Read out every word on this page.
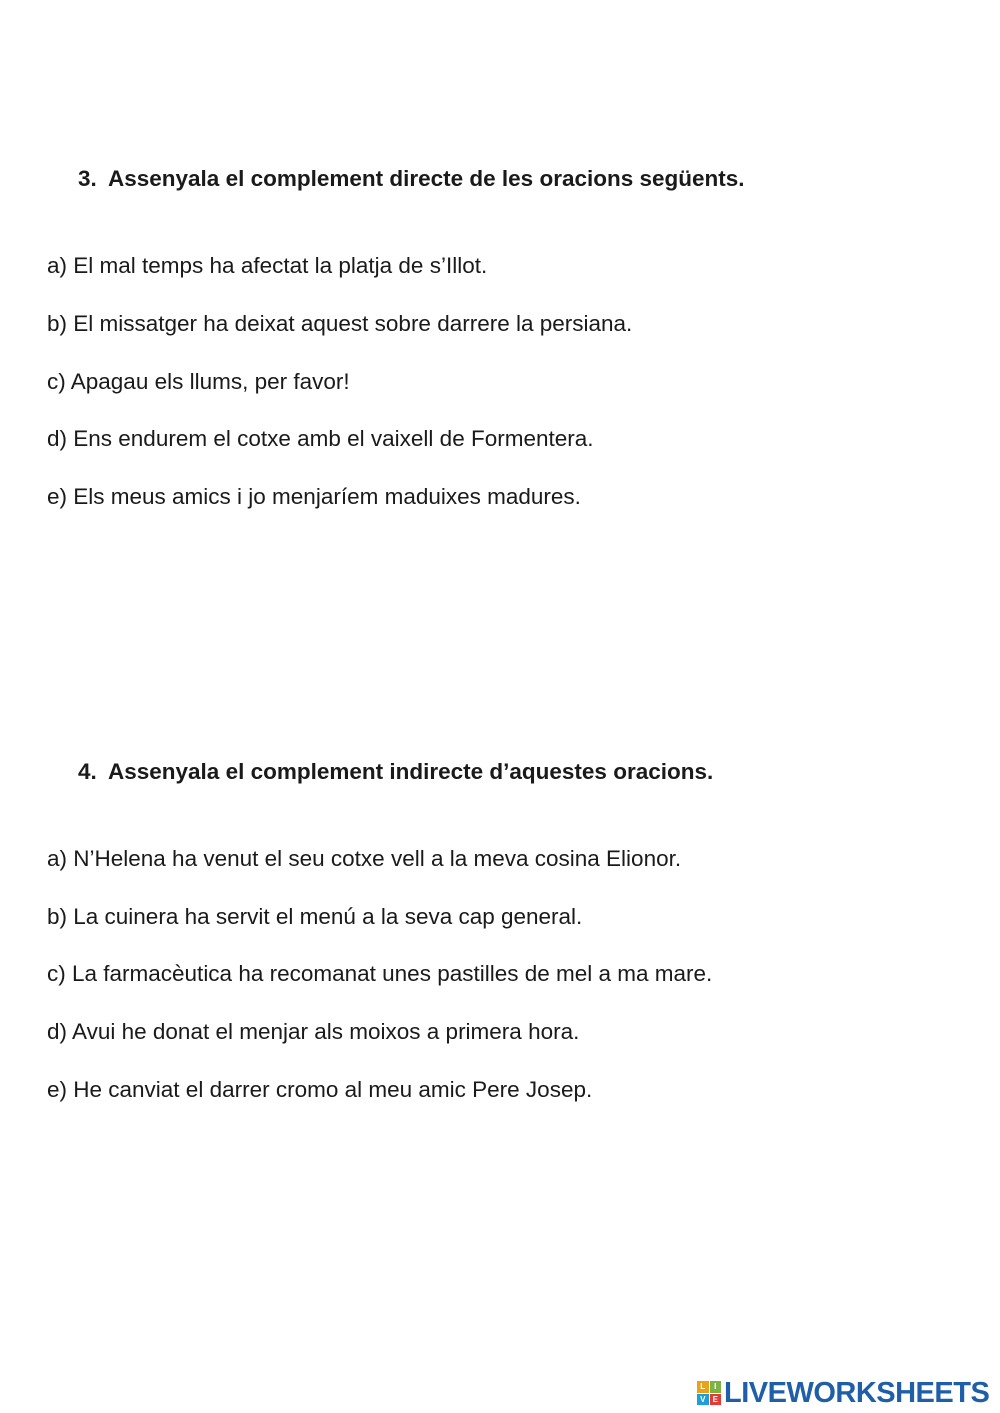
3. Assenyala el complement directe de les oracions següents.
a) El mal temps ha afectat la platja de s’Illot.
b) El missatger ha deixat aquest sobre darrere la persiana.
c) Apagau els llums, per favor!
d) Ens endurem el cotxe amb el vaixell de Formentera.
e) Els meus amics i jo menjaríem maduixes madures.
4. Assenyala el complement indirecte d’aquestes oracions.
a) N’Helena ha venut el seu cotxe vell a la meva cosina Elionor.
b) La cuinera ha servit el menú a la seva cap general.
c) La farmacèutica ha recomanat unes pastilles de mel a ma mare.
d) Avui he donat el menjar als moixos a primera hora.
e) He canviat el darrer cromo al meu amic Pere Josep.
L	I
V E LIVEWORKSHEETS
